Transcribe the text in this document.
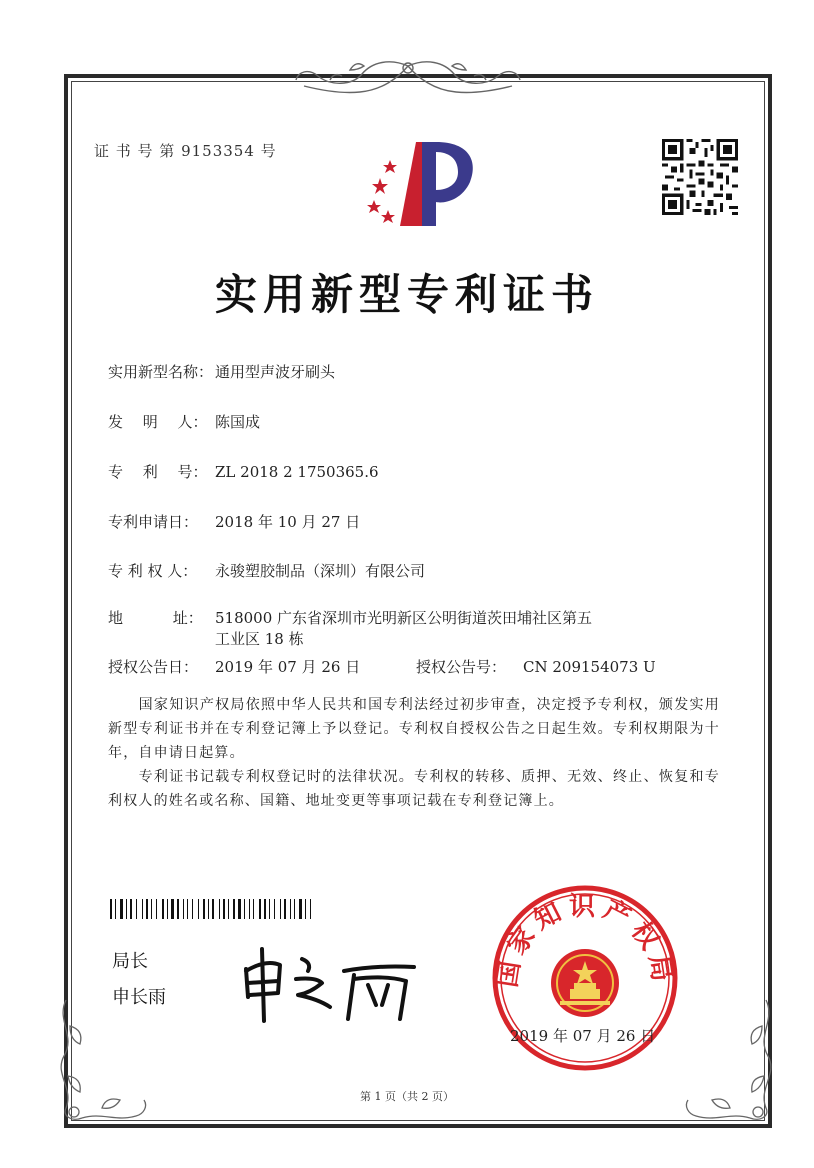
证 书 号 第 9153354 号
实用新型专利证书
实用新型名称： 通用型声波牙刷头
发　 明　 人： 陈国成
专　 利　 号： ZL 2018 2 1750365.6
专利申请日： 2018 年 10 月 27 日
专 利 权 人： 永骏塑胶制品（深圳）有限公司
地　　　 址： 518000 广东省深圳市光明新区公明街道茨田埔社区第五
工业区 18 栋
授权公告日： 2019 年 07 月 26 日	授权公告号： CN 209154073 U
　　国家知识产权局依照中华人民共和国专利法经过初步审查，决定授予专利权，颁发实用新型专利证书并在专利登记簿上予以登记。专利权自授权公告之日起生效。专利权期限为十年，自申请日起算。
　　专利证书记载专利权登记时的法律状况。专利权的转移、质押、无效、终止、恢复和专利权人的姓名或名称、国籍、地址变更等事项记载在专利登记簿上。
局长
申长雨
国家知识产权局
2019 年 07 月 26 日
第 1 页（共 2 页）
